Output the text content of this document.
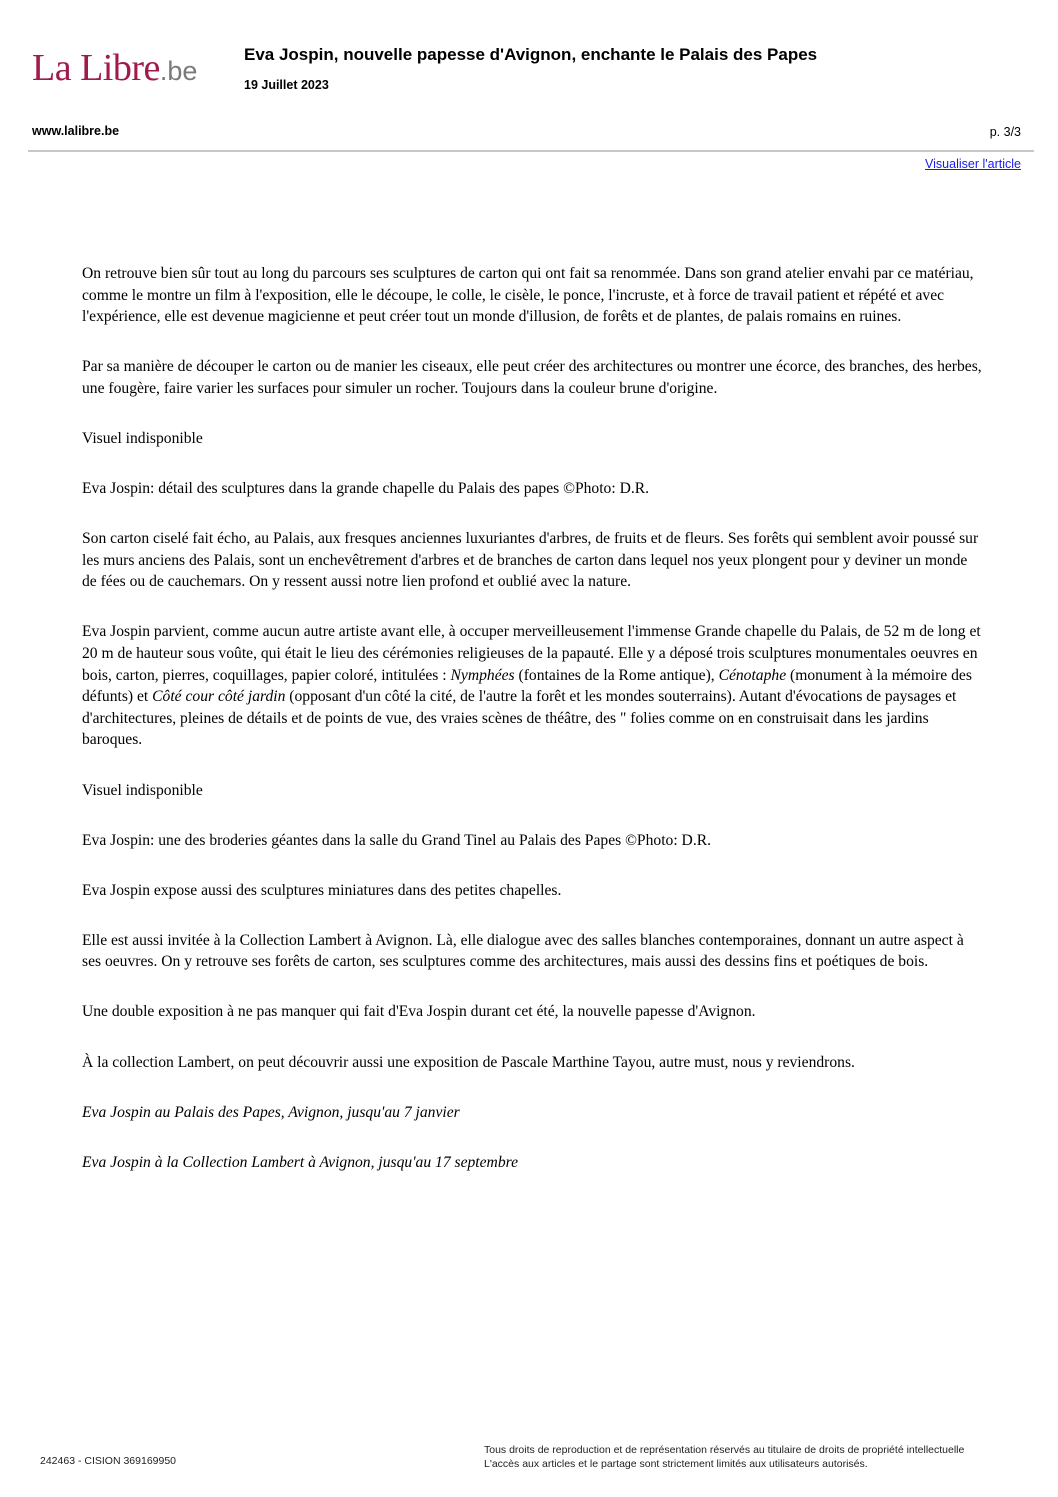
La Libre.be
Eva Jospin, nouvelle papesse d'Avignon, enchante le Palais des Papes
19 Juillet 2023
www.lalibre.be	p. 3/3
Visualiser l'article

On retrouve bien sûr tout au long du parcours ses sculptures de carton qui ont fait sa renommée. Dans son grand atelier envahi par ce matériau, comme le montre un film à l'exposition, elle le découpe, le colle, le cisèle, le ponce, l'incruste, et à force de travail patient et répété et avec l'expérience, elle est devenue magicienne et peut créer tout un monde d'illusion, de forêts et de plantes, de palais romains en ruines.

Par sa manière de découper le carton ou de manier les ciseaux, elle peut créer des architectures ou montrer une écorce, des branches, des herbes, une fougère, faire varier les surfaces pour simuler un rocher. Toujours dans la couleur brune d'origine.

Visuel indisponible

Eva Jospin: détail des sculptures dans la grande chapelle du Palais des papes ©Photo: D.R.

Son carton ciselé fait écho, au Palais, aux fresques anciennes luxuriantes d'arbres, de fruits et de fleurs. Ses forêts qui semblent avoir poussé sur les murs anciens des Palais, sont un enchevêtrement d'arbres et de branches de carton dans lequel nos yeux plongent pour y deviner un monde de fées ou de cauchemars. On y ressent aussi notre lien profond et oublié avec la nature.

Eva Jospin parvient, comme aucun autre artiste avant elle, à occuper merveilleusement l'immense Grande chapelle du Palais, de 52 m de long et 20 m de hauteur sous voûte, qui était le lieu des cérémonies religieuses de la papauté. Elle y a déposé trois sculptures monumentales oeuvres en bois, carton, pierres, coquillages, papier coloré, intitulées : Nymphées (fontaines de la Rome antique), Cénotaphe (monument à la mémoire des défunts) et Côté cour côté jardin (opposant d'un côté la cité, de l'autre la forêt et les mondes souterrains). Autant d'évocations de paysages et d'architectures, pleines de détails et de points de vue, des vraies scènes de théâtre, des " folies comme on en construisait dans les jardins baroques.

Visuel indisponible

Eva Jospin: une des broderies géantes dans la salle du Grand Tinel au Palais des Papes ©Photo: D.R.

Eva Jospin expose aussi des sculptures miniatures dans des petites chapelles.

Elle est aussi invitée à la Collection Lambert à Avignon. Là, elle dialogue avec des salles blanches contemporaines, donnant un autre aspect à ses oeuvres. On y retrouve ses forêts de carton, ses sculptures comme des architectures, mais aussi des dessins fins et poétiques de bois.

Une double exposition à ne pas manquer qui fait d'Eva Jospin durant cet été, la nouvelle papesse d'Avignon.

À la collection Lambert, on peut découvrir aussi une exposition de Pascale Marthine Tayou, autre must, nous y reviendrons.

Eva Jospin au Palais des Papes, Avignon, jusqu'au 7 janvier

Eva Jospin à la Collection Lambert à Avignon, jusqu'au 17 septembre

242463 - CISION 369169950
Tous droits de reproduction et de représentation réservés au titulaire de droits de propriété intellectuelle
L'accès aux articles et le partage sont strictement limités aux utilisateurs autorisés.
